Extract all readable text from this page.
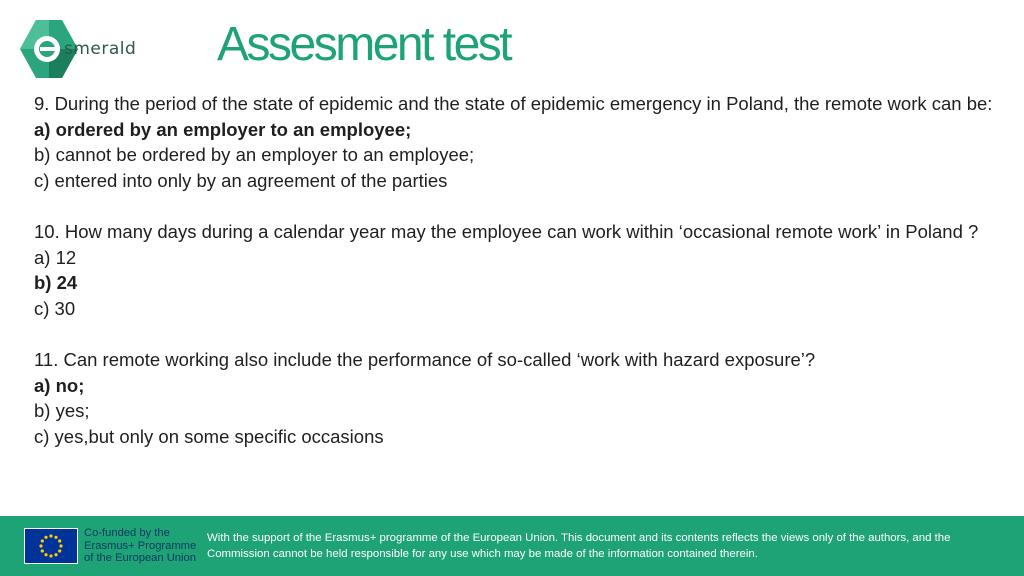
smerald Assesment test
9. During the period of the state of epidemic and the state of epidemic emergency in Poland, the remote work can be:
a) ordered by an employer to an employee;
b) cannot be ordered by an employer to an employee;
c) entered into only by an agreement of the parties
10. How many days during a calendar year may the employee can work within ‘occasional remote work’ in Poland ?
a) 12
b) 24
c) 30
11. Can remote working also include the performance of so-called ‘work with hazard exposure’?
a) no;
b) yes;
c) yes,but only on some specific occasions
Co-funded by the
Erasmus+ Programme
of the European Union
With the support of the Erasmus+ programme of the European Union. This document and its contents reflects the views only of the authors, and the Commission cannot be held responsible for any use which may be made of the information contained therein.
